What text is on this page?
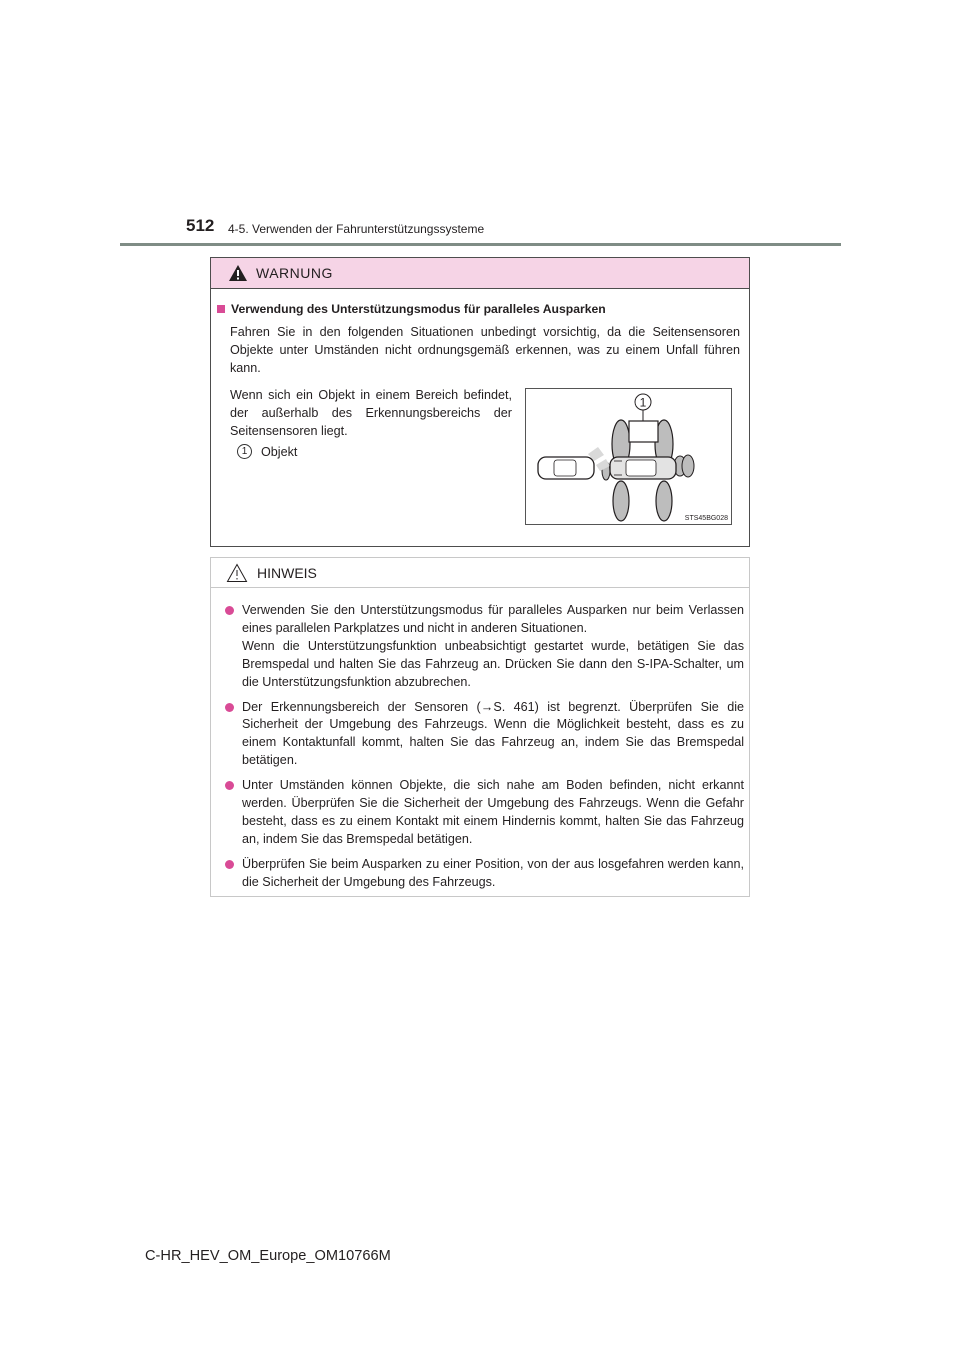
512 4-5. Verwenden der Fahrunterstützungssysteme
WARNUNG
Verwendung des Unterstützungsmodus für paralleles Ausparken
Fahren Sie in den folgenden Situationen unbedingt vorsichtig, da die Seitensensoren Objekte unter Umständen nicht ordnungsgemäß erkennen, was zu einem Unfall führen kann.
Wenn sich ein Objekt in einem Bereich befindet, der außerhalb des Erkennungsbereichs der Seitensensoren liegt.
1	Objekt
1
STS45BG028
HINWEIS
Verwenden Sie den Unterstützungsmodus für paralleles Ausparken nur beim Verlassen eines parallelen Parkplatzes und nicht in anderen Situationen.
Wenn die Unterstützungsfunktion unbeabsichtigt gestartet wurde, betätigen Sie das Bremspedal und halten Sie das Fahrzeug an. Drücken Sie dann den S-IPA-Schalter, um die Unterstützungsfunktion abzubrechen.
Der Erkennungsbereich der Sensoren (→S. 461) ist begrenzt. Überprüfen Sie die Sicherheit der Umgebung des Fahrzeugs. Wenn die Möglichkeit besteht, dass es zu einem Kontaktunfall kommt, halten Sie das Fahrzeug an, indem Sie das Bremspedal betätigen.
Unter Umständen können Objekte, die sich nahe am Boden befinden, nicht erkannt werden. Überprüfen Sie die Sicherheit der Umgebung des Fahrzeugs. Wenn die Gefahr besteht, dass es zu einem Kontakt mit einem Hindernis kommt, halten Sie das Fahrzeug an, indem Sie das Bremspedal betätigen.
Überprüfen Sie beim Ausparken zu einer Position, von der aus losgefahren werden kann, die Sicherheit der Umgebung des Fahrzeugs.
C-HR_HEV_OM_Europe_OM10766M
